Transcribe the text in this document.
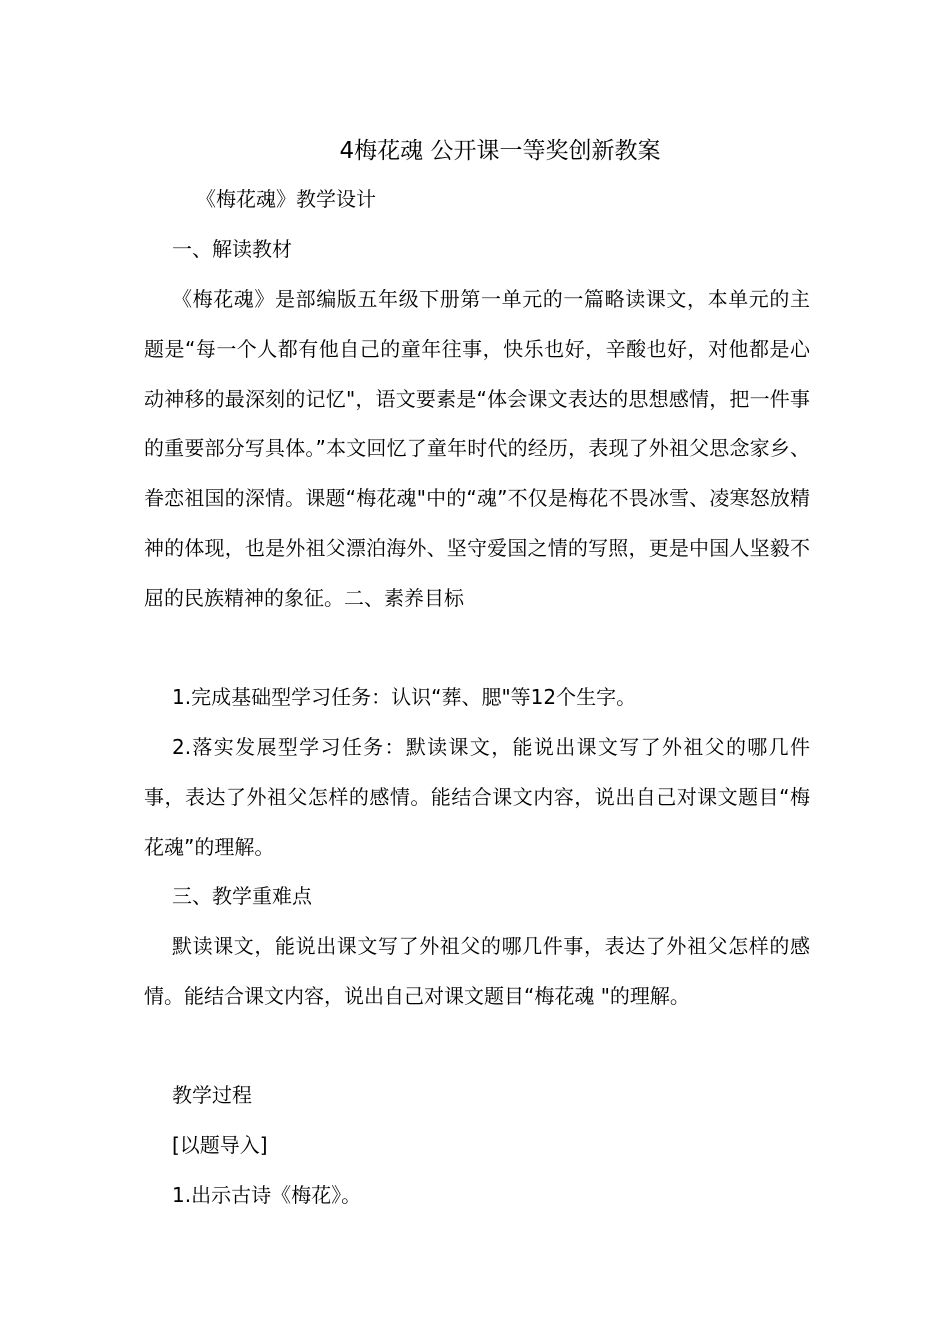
4梅花魂 公开课一等奖创新教案
《梅花魂》教学设计
一、解读教材

《梅花魂》是部编版五年级下册第一单元的一篇略读课文，本单元的主题是“每一个人都有他自己的童年往事，快乐也好，辛酸也好，对他都是心动神移的最深刻的记忆"，语文要素是“体会课文表达的思想感情，把一件事的重要部分写具体。”本文回忆了童年时代的经历，表现了外祖父思念家乡、眷恋祖国的深情。课题“梅花魂"中的“魂”不仅是梅花不畏冰雪、凌寒怒放精神的体现，也是外祖父漂泊海外、坚守爱国之情的写照，更是中国人坚毅不屈的民族精神的象征。二、素养目标

1.完成基础型学习任务：认识“葬、腮"等12个生字。

2.落实发展型学习任务：默读课文，能说出课文写了外祖父的哪几件事，表达了外祖父怎样的感情。能结合课文内容，说出自己对课文题目“梅花魂”的理解。

三、教学重难点

默读课文，能说出课文写了外祖父的哪几件事，表达了外祖父怎样的感情。能结合课文内容，说出自己对课文题目“梅花魂 "的理解。

教学过程
[以题导入]
1.出示古诗《梅花》。
